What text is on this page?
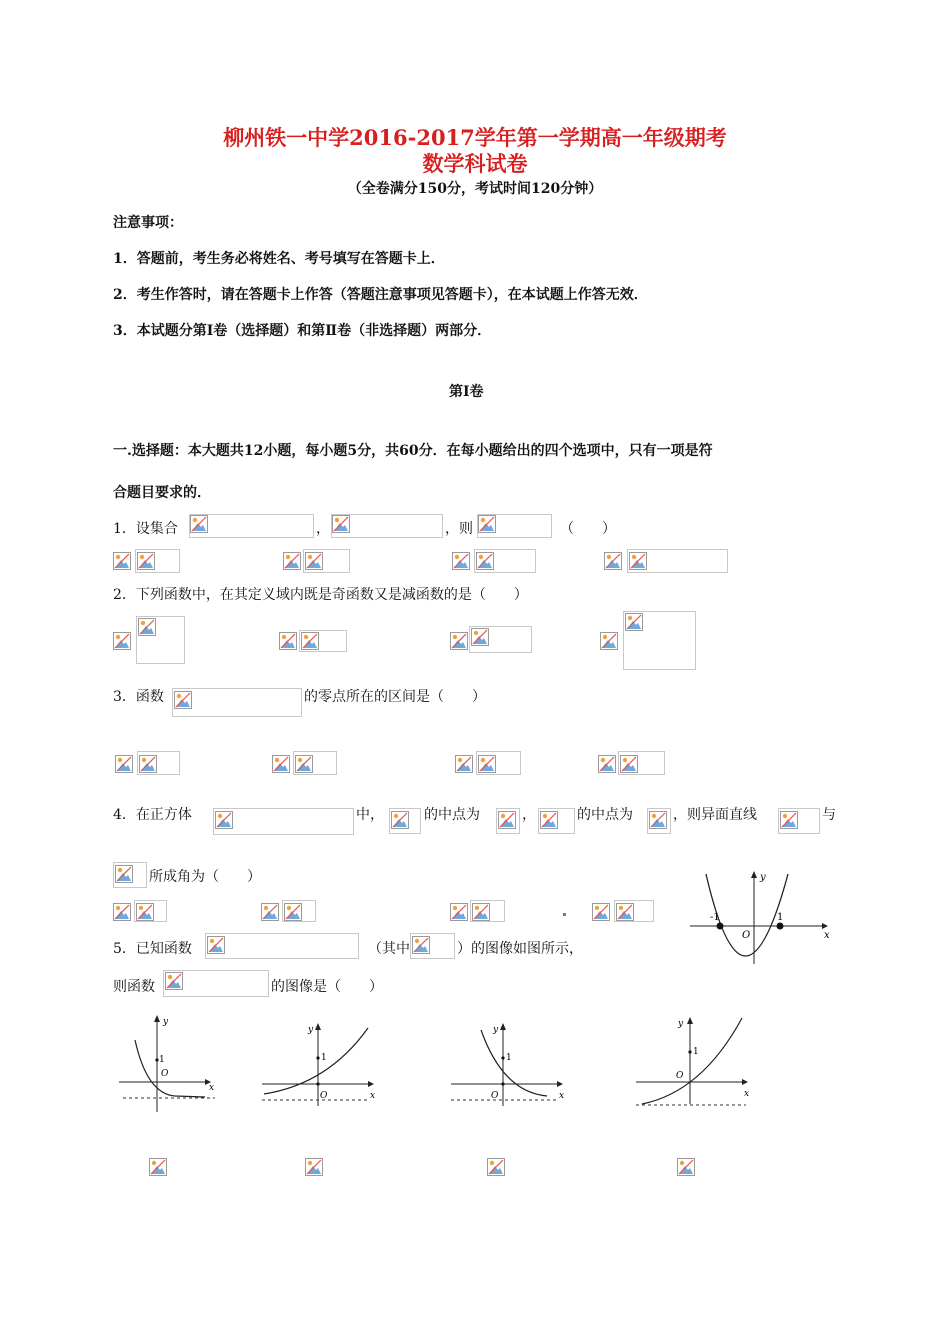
柳州铁一中学2016-2017学年第一学期高一年级期考
数学科试卷
（全卷满分150分，考试时间120分钟）
注意事项：
1．答题前，考生务必将姓名、考号填写在答题卡上．
2．考生作答时，请在答题卡上作答（答题注意事项见答题卡），在本试题上作答无效．
3．本试题分第Ⅰ卷（选择题）和第Ⅱ卷（非选择题）两部分．
第Ⅰ卷
一.选择题：本大题共12小题，每小题5分，共60分．在每小题给出的四个选项中，只有一项是符
合题目要求的．
1．设集合	，	，则	（　　）
2．下列函数中，在其定义域内既是奇函数又是减函数的是（　　）
3．函数	的零点所在的区间是（　　）
4．在正方体	中，	的中点为	，	的中点为	，则异面直线	与
所成角为（　　）
5．已知函数	（其中	）的图像如图所示，
则函数	的图像是（　　）
-1	1
O
y
x
1
O
y
x
1
O
y
x
1
O
y
x
1
O
y
x
